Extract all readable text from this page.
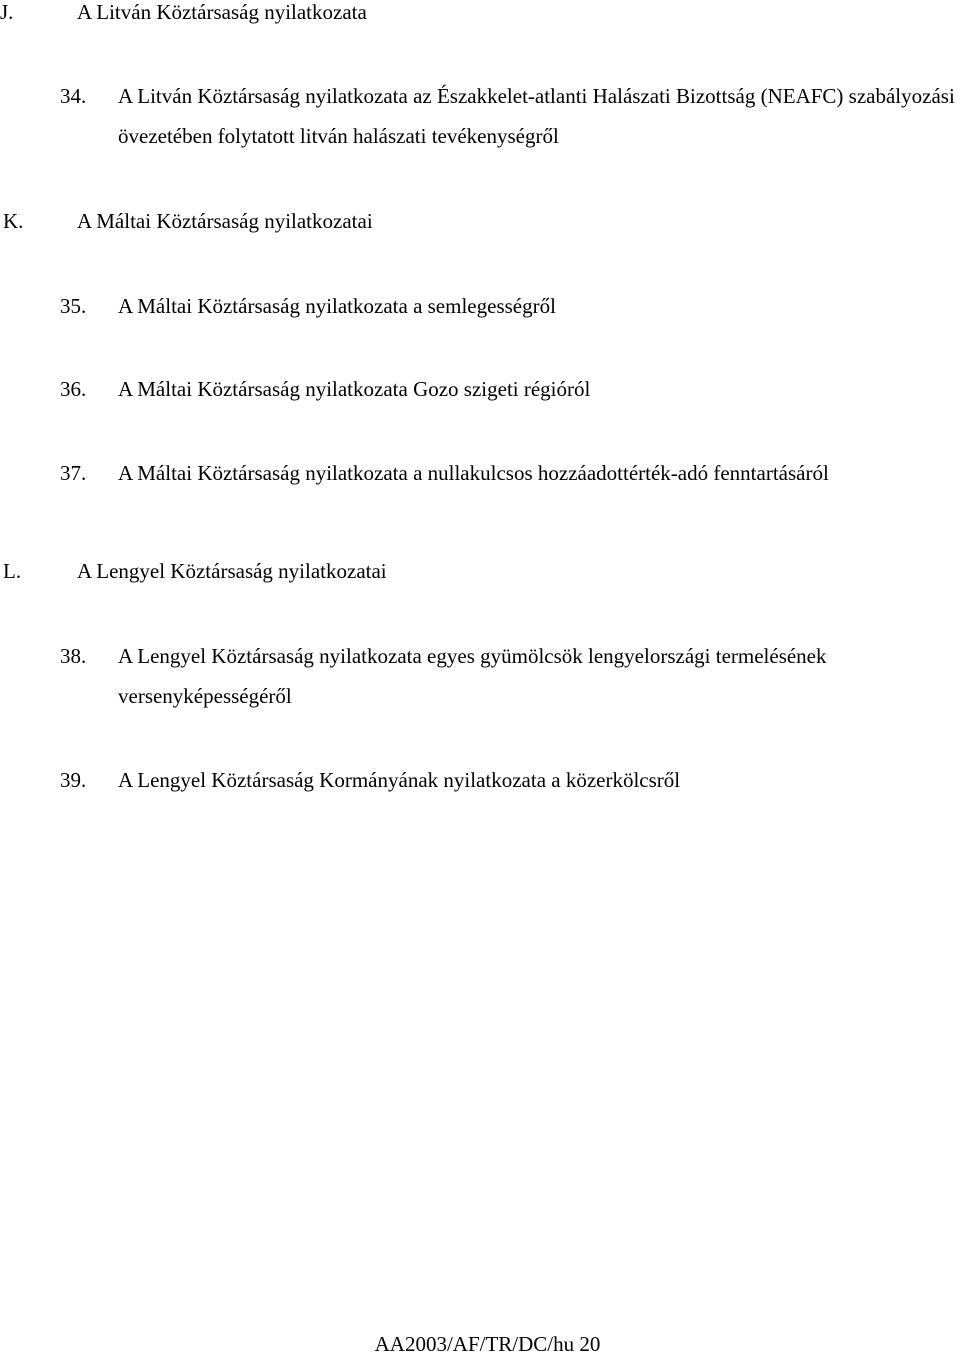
J.	A Litván Köztársaság nyilatkozata
34. A Litván Köztársaság nyilatkozata az Északkelet-atlanti Halászati Bizottság (NEAFC) szabályozási övezetében folytatott litván halászati tevékenységről
K.	A Máltai Köztársaság nyilatkozatai
35. A Máltai Köztársaság nyilatkozata a semlegességről
36. A Máltai Köztársaság nyilatkozata Gozo szigeti régióról
37. A Máltai Köztársaság nyilatkozata a nullakulcsos hozzáadottérték-adó fenntartásáról
L.	A Lengyel Köztársaság nyilatkozatai
38. A Lengyel Köztársaság nyilatkozata egyes gyümölcsök lengyelországi termelésének versenyképességéről
39. A Lengyel Köztársaság Kormányának nyilatkozata a közerkölcsről
AA2003/AF/TR/DC/hu 20
